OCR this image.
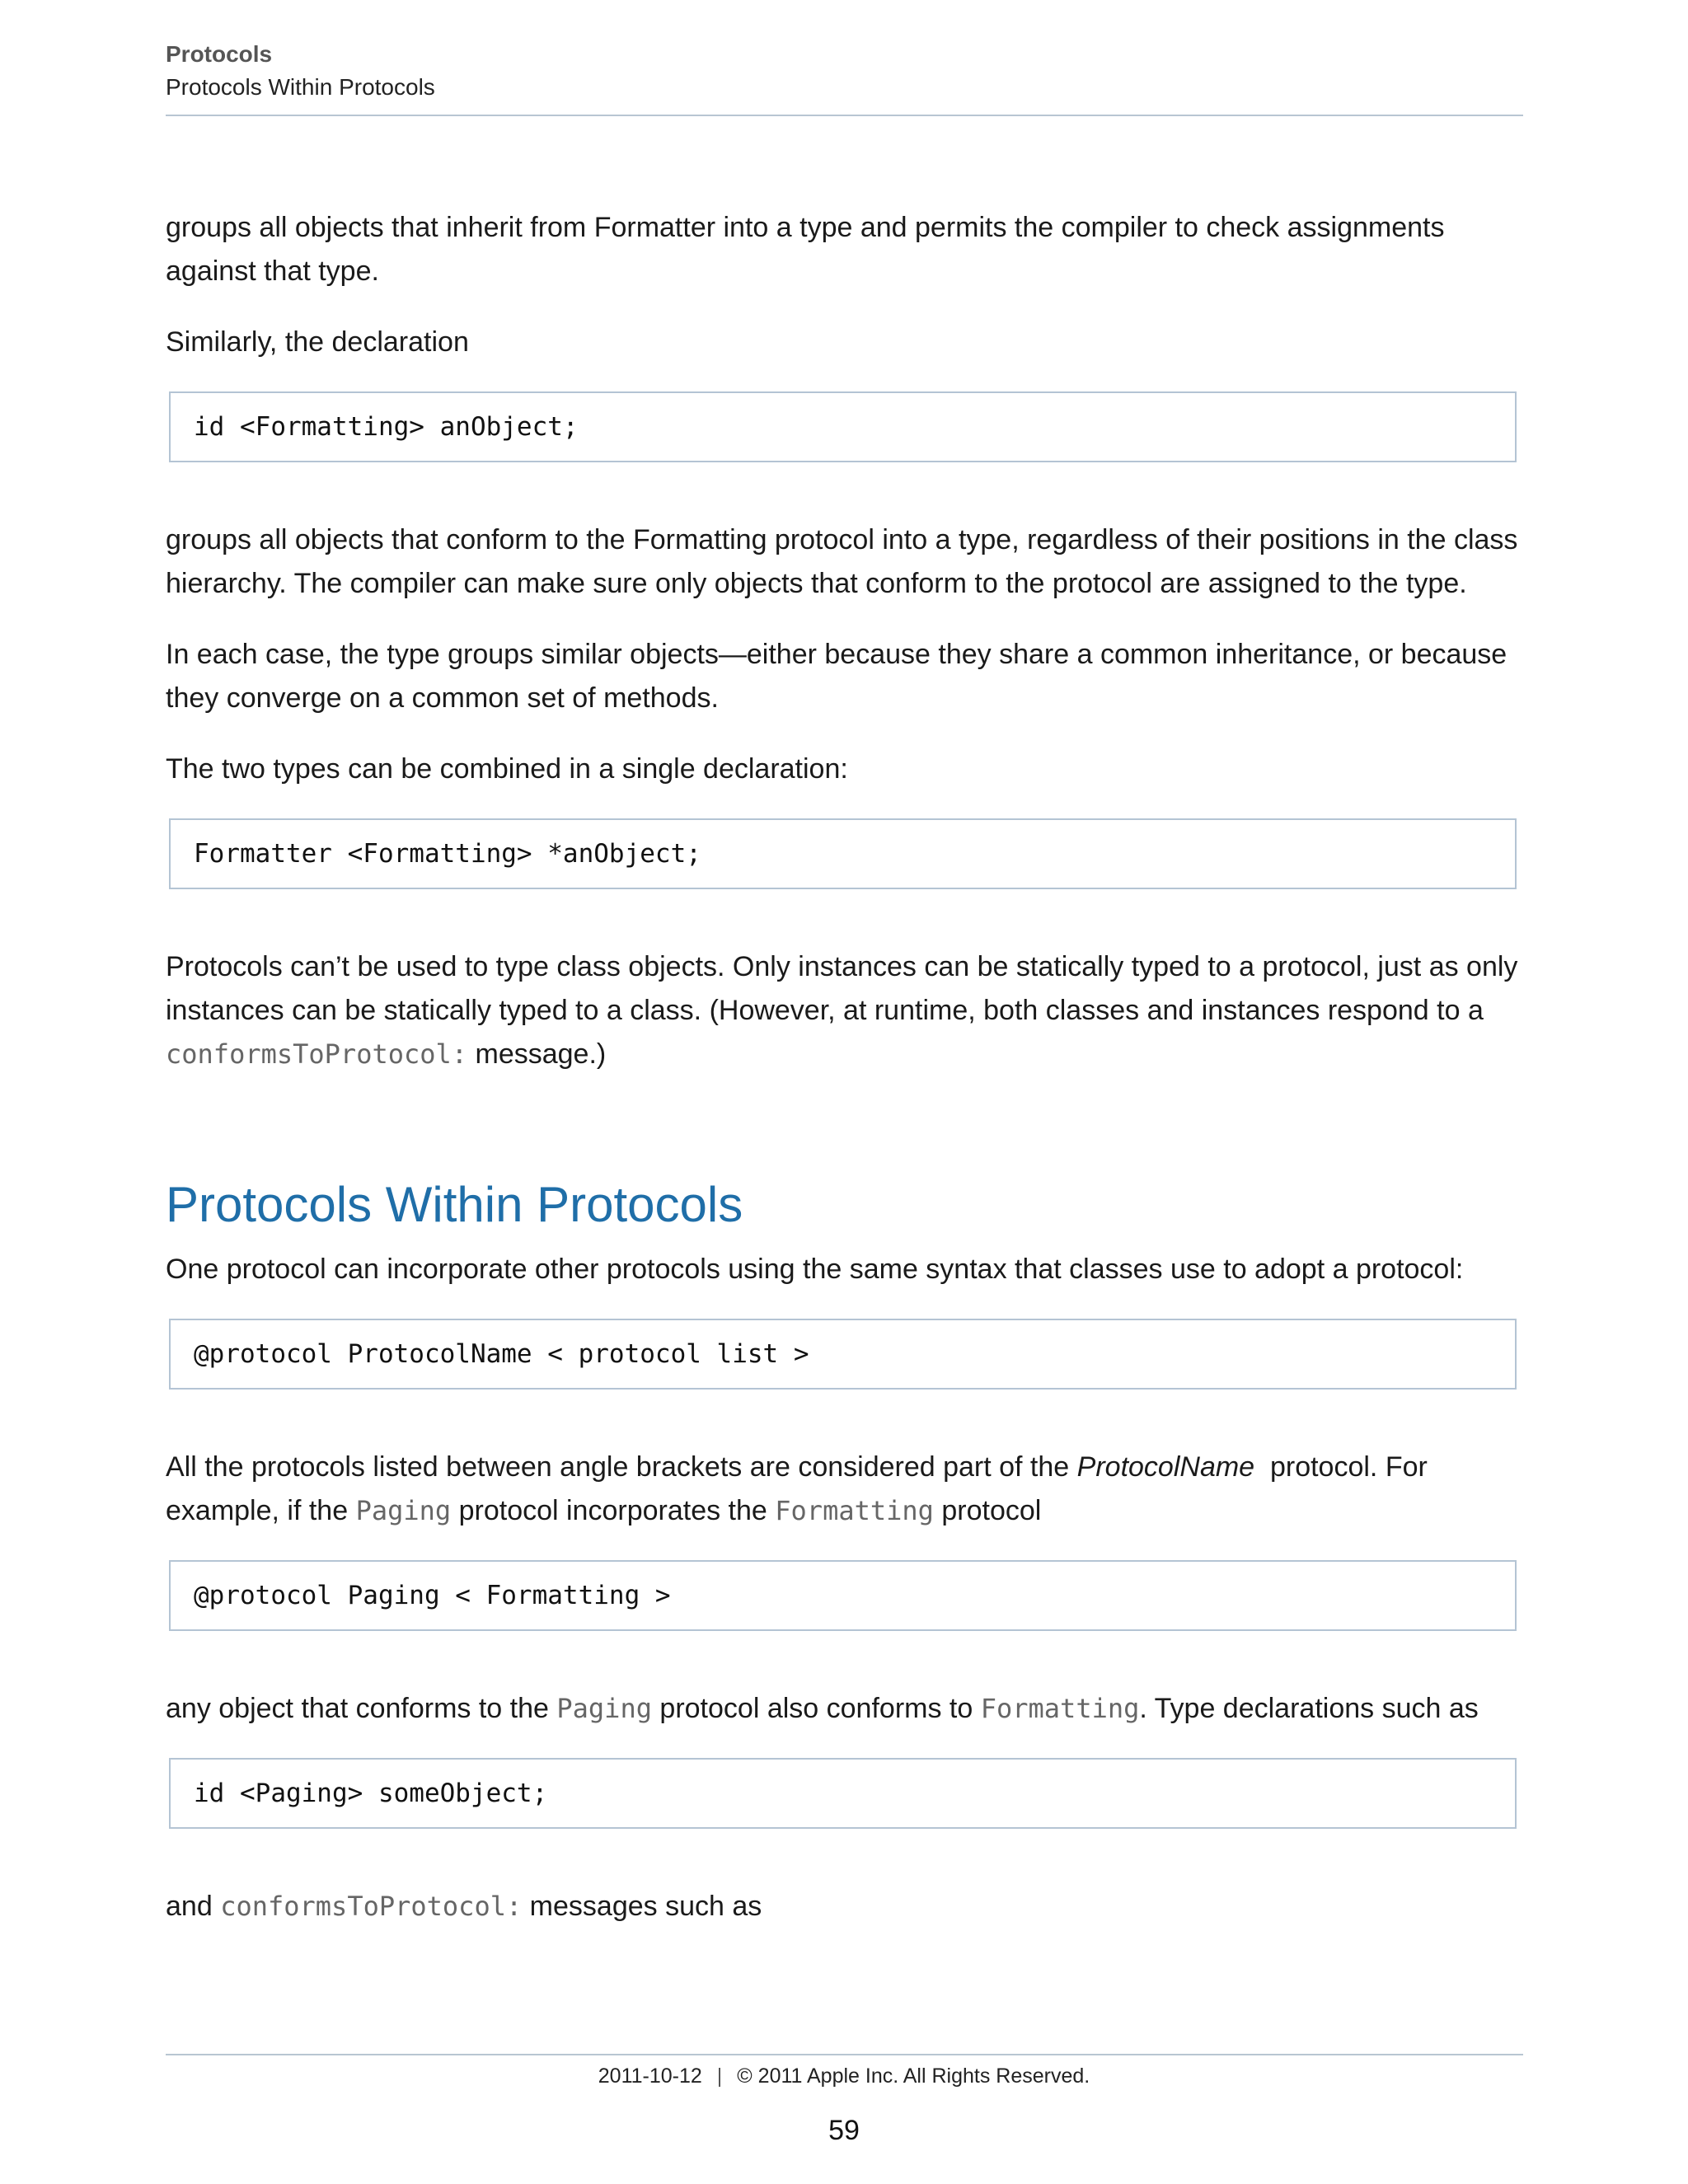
Protocols
Protocols Within Protocols

groups all objects that inherit from Formatter into a type and permits the compiler to check assignments against that type.

Similarly, the declaration

id <Formatting> anObject;

groups all objects that conform to the Formatting protocol into a type, regardless of their positions in the class hierarchy. The compiler can make sure only objects that conform to the protocol are assigned to the type.

In each case, the type groups similar objects—either because they share a common inheritance, or because they converge on a common set of methods.

The two types can be combined in a single declaration:

Formatter <Formatting> *anObject;

Protocols can’t be used to type class objects. Only instances can be statically typed to a protocol, just as only instances can be statically typed to a class. (However, at runtime, both classes and instances respond to a conformsToProtocol: message.)

Protocols Within Protocols

One protocol can incorporate other protocols using the same syntax that classes use to adopt a protocol:

@protocol ProtocolName < protocol list >

All the protocols listed between angle brackets are considered part of the ProtocolName  protocol. For example, if the Paging protocol incorporates the Formatting protocol

@protocol Paging < Formatting >

any object that conforms to the Paging protocol also conforms to Formatting. Type declarations such as

id <Paging> someObject;

and conformsToProtocol: messages such as

2011-10-12 | © 2011 Apple Inc. All Rights Reserved.
59
